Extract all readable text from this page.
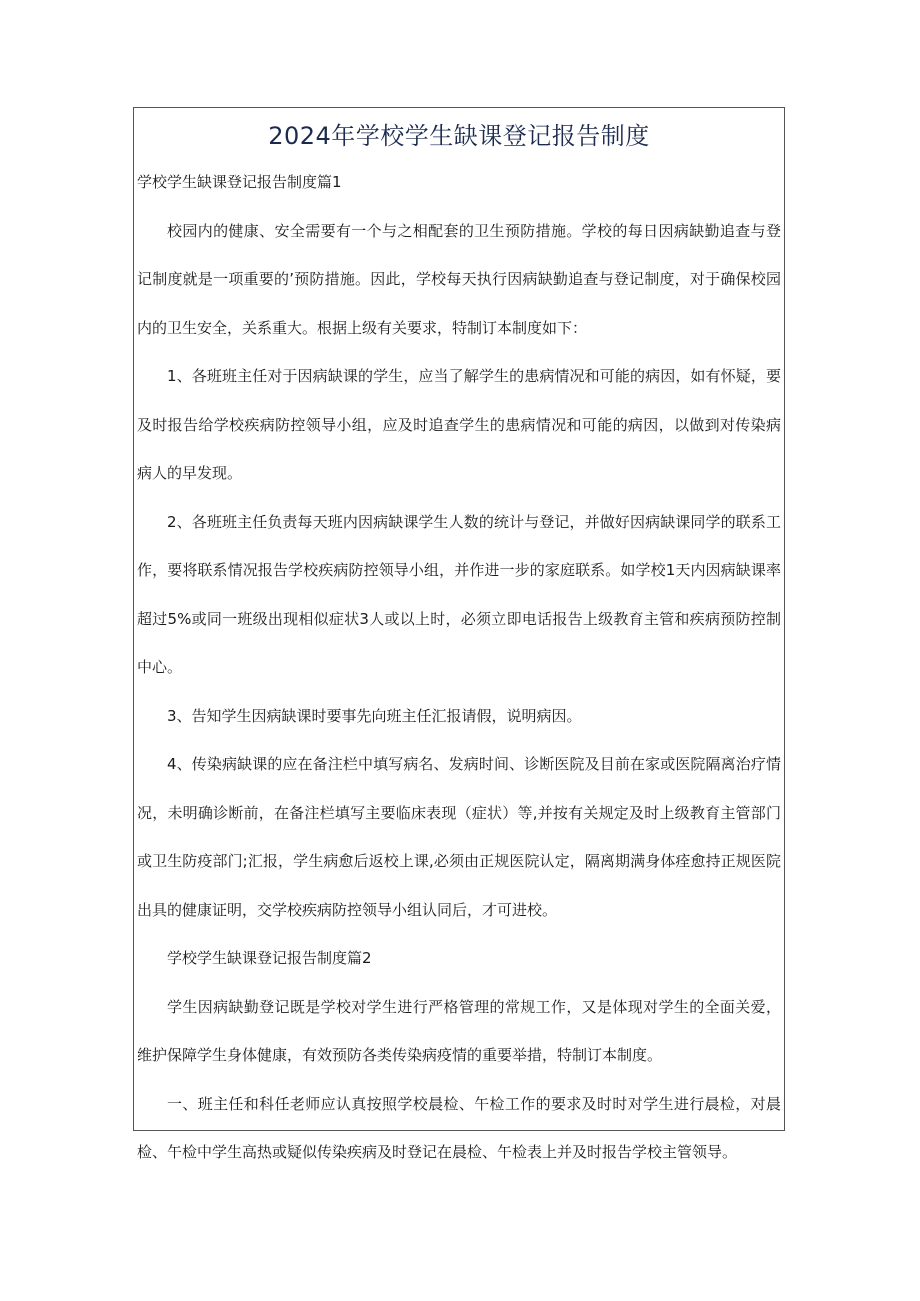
2024年学校学生缺课登记报告制度

学校学生缺课登记报告制度篇1

校园内的健康、安全需要有一个与之相配套的卫生预防措施。学校的每日因病缺勤追查与登记制度就是一项重要的’预防措施。因此，学校每天执行因病缺勤追查与登记制度，对于确保校园内的卫生安全，关系重大。根据上级有关要求，特制订本制度如下：

1、各班班主任对于因病缺课的学生，应当了解学生的患病情况和可能的病因，如有怀疑，要及时报告给学校疾病防控领导小组，应及时追查学生的患病情况和可能的病因，以做到对传染病病人的早发现。

2、各班班主任负责每天班内因病缺课学生人数的统计与登记，并做好因病缺课同学的联系工作，要将联系情况报告学校疾病防控领导小组，并作进一步的家庭联系。如学校1天内因病缺课率超过5%或同一班级出现相似症状3人或以上时，必须立即电话报告上级教育主管和疾病预防控制中心。

3、告知学生因病缺课时要事先向班主任汇报请假，说明病因。

4、传染病缺课的应在备注栏中填写病名、发病时间、诊断医院及目前在家或医院隔离治疗情况，未明确诊断前，在备注栏填写主要临床表现（症状）等,并按有关规定及时上级教育主管部门或卫生防疫部门;汇报，学生病愈后返校上课,必须由正规医院认定，隔离期满身体痊愈持正规医院出具的健康证明，交学校疾病防控领导小组认同后，才可进校。

学校学生缺课登记报告制度篇2

学生因病缺勤登记既是学校对学生进行严格管理的常规工作，又是体现对学生的全面关爱，维护保障学生身体健康，有效预防各类传染病疫情的重要举措，特制订本制度。

一、班主任和科任老师应认真按照学校晨检、午检工作的要求及时时对学生进行晨检，对晨检、午检中学生高热或疑似传染疾病及时登记在晨检、午检表上并及时报告学校主管领导。
